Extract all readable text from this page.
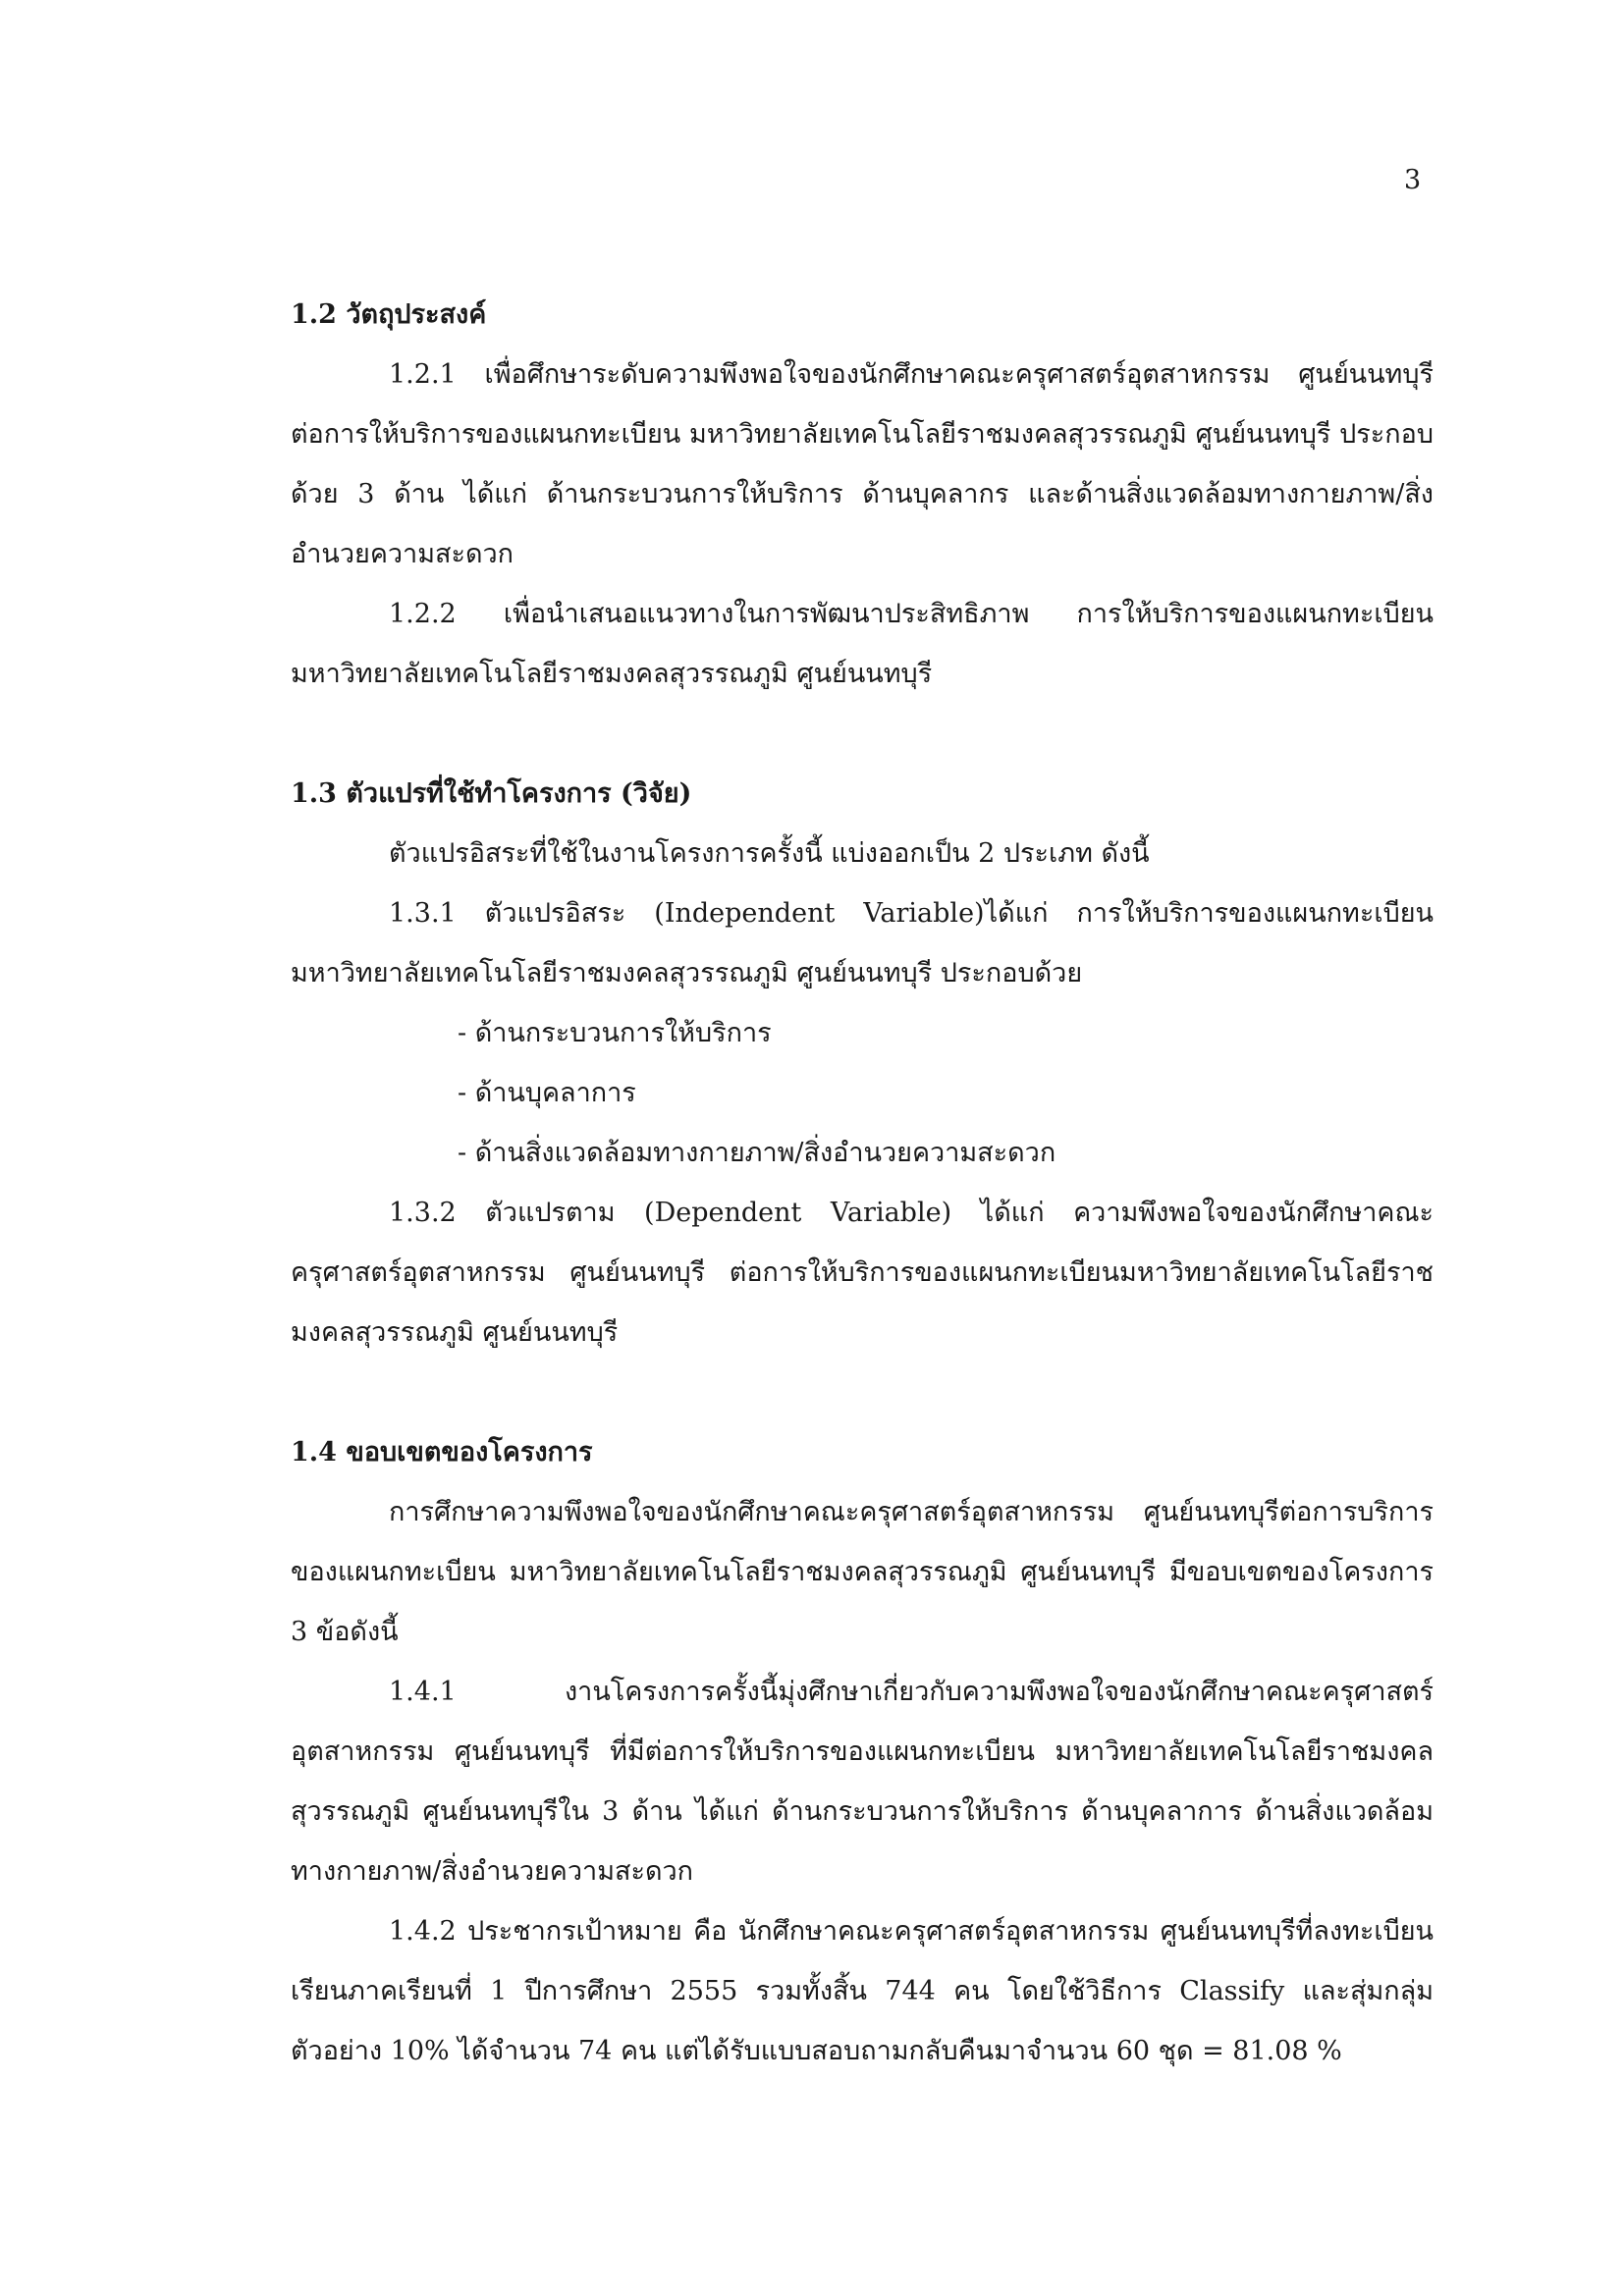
3

1.2 วัตถุประสงค์

1.2.1 เพื่อศึกษาระดับความพึงพอใจของนักศึกษาคณะครุศาสตร์อุตสาหกรรม ศูนย์นนทบุรี ต่อการให้บริการของแผนกทะเบียน มหาวิทยาลัยเทคโนโลยีราชมงคลสุวรรณภูมิ ศูนย์นนทบุรี ประกอบด้วย 3 ด้าน ได้แก่ ด้านกระบวนการให้บริการ ด้านบุคลากร และด้านสิ่งแวดล้อมทางกายภาพ/สิ่งอำนวยความสะดวก

1.2.2 เพื่อนำเสนอแนวทางในการพัฒนาประสิทธิภาพ การให้บริการของแผนกทะเบียน มหาวิทยาลัยเทคโนโลยีราชมงคลสุวรรณภูมิ ศูนย์นนทบุรี

1.3 ตัวแปรที่ใช้ทำโครงการ (วิจัย)

ตัวแปรอิสระที่ใช้ในงานโครงการครั้งนี้ แบ่งออกเป็น 2 ประเภท ดังนี้

1.3.1 ตัวแปรอิสระ (Independent Variable)ได้แก่ การให้บริการของแผนกทะเบียน มหาวิทยาลัยเทคโนโลยีราชมงคลสุวรรณภูมิ ศูนย์นนทบุรี ประกอบด้วย

- ด้านกระบวนการให้บริการ
- ด้านบุคลาการ
- ด้านสิ่งแวดล้อมทางกายภาพ/สิ่งอำนวยความสะดวก

1.3.2 ตัวแปรตาม (Dependent Variable) ได้แก่ ความพึงพอใจของนักศึกษาคณะครุศาสตร์อุตสาหกรรม ศูนย์นนทบุรี ต่อการให้บริการของแผนกทะเบียนมหาวิทยาลัยเทคโนโลยีราชมงคลสุวรรณภูมิ ศูนย์นนทบุรี

1.4 ขอบเขตของโครงการ

การศึกษาความพึงพอใจของนักศึกษาคณะครุศาสตร์อุตสาหกรรม ศูนย์นนทบุรีต่อการบริการของแผนกทะเบียน มหาวิทยาลัยเทคโนโลยีราชมงคลสุวรรณภูมิ ศูนย์นนทบุรี มีขอบเขตของโครงการ 3 ข้อดังนี้

1.4.1 งานโครงการครั้งนี้มุ่งศึกษาเกี่ยวกับความพึงพอใจของนักศึกษาคณะครุศาสตร์อุตสาหกรรม ศูนย์นนทบุรี ที่มีต่อการให้บริการของแผนกทะเบียน มหาวิทยาลัยเทคโนโลยีราชมงคลสุวรรณภูมิ ศูนย์นนทบุรีใน 3 ด้าน ได้แก่ ด้านกระบวนการให้บริการ ด้านบุคลาการ ด้านสิ่งแวดล้อม ทางกายภาพ/สิ่งอำนวยความสะดวก

1.4.2 ประชากรเป้าหมาย คือ นักศึกษาคณะครุศาสตร์อุตสาหกรรม ศูนย์นนทบุรีที่ลงทะเบียนเรียนภาคเรียนที่ 1 ปีการศึกษา 2555 รวมทั้งสิ้น 744 คน โดยใช้วิธีการ Classify และสุ่มกลุ่มตัวอย่าง 10% ได้จำนวน 74 คน แต่ได้รับแบบสอบถามกลับคืนมาจำนวน 60 ชุด = 81.08 %
